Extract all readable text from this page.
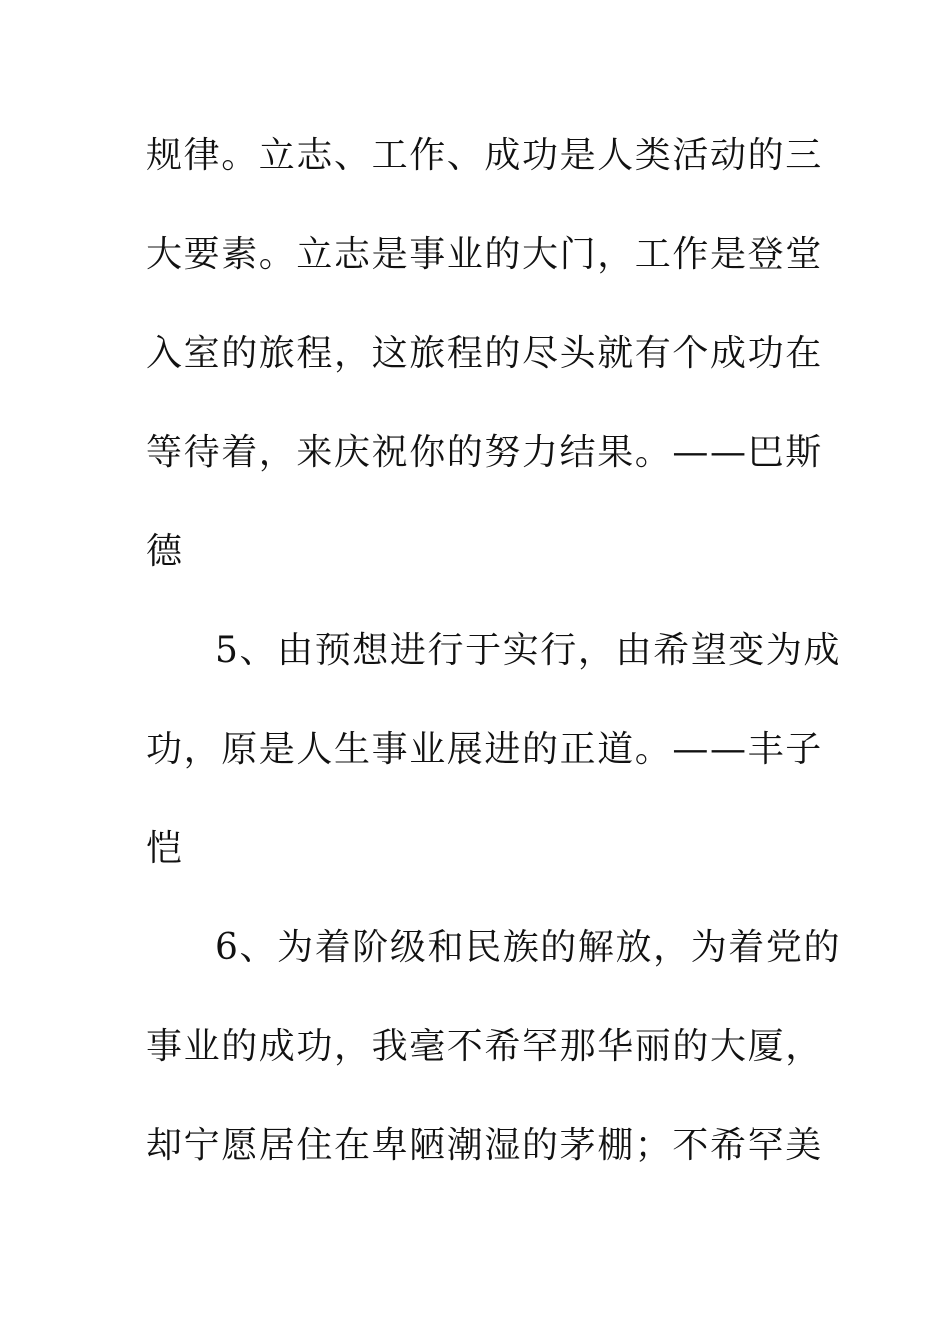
规律。立志、工作、成功是人类活动的三
大要素。立志是事业的大门，工作是登堂
入室的旅程，这旅程的尽头就有个成功在
等待着，来庆祝你的努力结果。——巴斯
德
5、由预想进行于实行，由希望变为成
功，原是人生事业展进的正道。——丰子
恺
6、为着阶级和民族的解放，为着党的
事业的成功，我毫不希罕那华丽的大厦，
却宁愿居住在卑陋潮湿的茅棚；不希罕美
